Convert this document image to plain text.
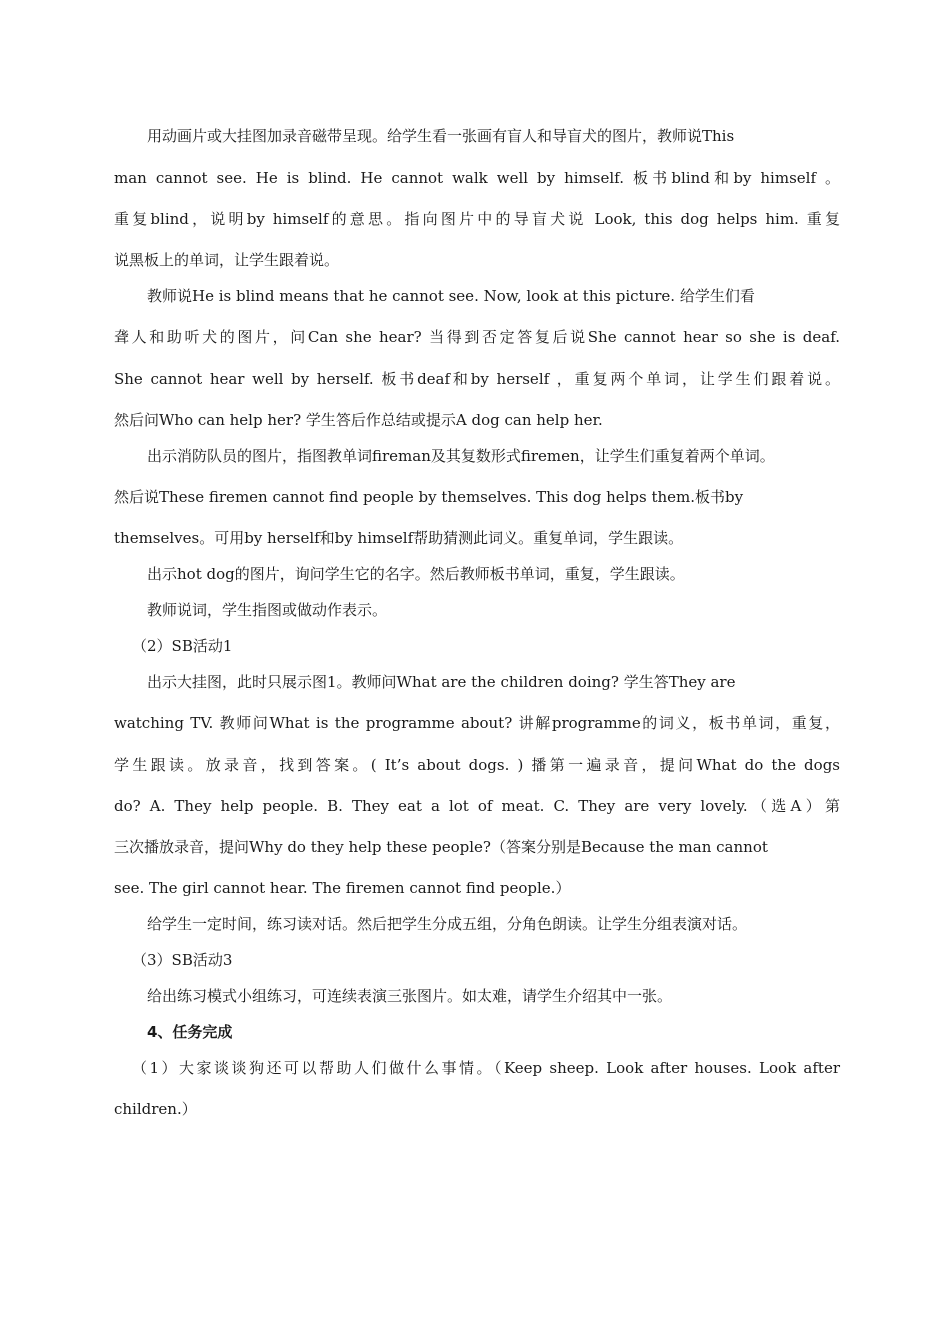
用动画片或大挂图加录音磁带呈现。给学生看一张画有盲人和导盲犬的图片，教师说This
man cannot see. He is blind. He cannot walk well by himself. 板书blind和by himself 。
重复blind，说明by himself的意思。指向图片中的导盲犬说 Look, this dog helps him. 重复
说黑板上的单词，让学生跟着说。
教师说He is blind means that he cannot see. Now, look at this picture. 给学生们看
聋人和助听犬的图片，问Can she hear? 当得到否定答复后说She cannot hear so she is deaf.
She cannot hear well by herself. 板书deaf和by herself ，重复两个单词，让学生们跟着说。
然后问Who can help her? 学生答后作总结或提示A dog can help her.
出示消防队员的图片，指图教单词fireman及其复数形式firemen，让学生们重复着两个单词。
然后说These firemen cannot find people by themselves. This dog helps them.板书by
themselves。可用by herself和by himself帮助猜测此词义。重复单词，学生跟读。
出示hot dog的图片，询问学生它的名字。然后教师板书单词，重复，学生跟读。
教师说词，学生指图或做动作表示。
（2）SB活动1
出示大挂图，此时只展示图1。教师问What are the children doing? 学生答They are
watching TV. 教师问What is the programme about? 讲解programme的词义，板书单词，重复，
学生跟读。放录音，找到答案。( It’s about dogs. ) 播第一遍录音，提问What do the dogs
do? A. They help people. B. They eat a lot of meat. C. They are very lovely.（选A）第
三次播放录音，提问Why do they help these people?（答案分别是Because the man cannot
see. The girl cannot hear. The firemen cannot find people.）
给学生一定时间，练习读对话。然后把学生分成五组，分角色朗读。让学生分组表演对话。
（3）SB活动3
给出练习模式小组练习，可连续表演三张图片。如太难，请学生介绍其中一张。
4、任务完成
（1）大家谈谈狗还可以帮助人们做什么事情。（Keep sheep. Look after houses. Look after
children.）
